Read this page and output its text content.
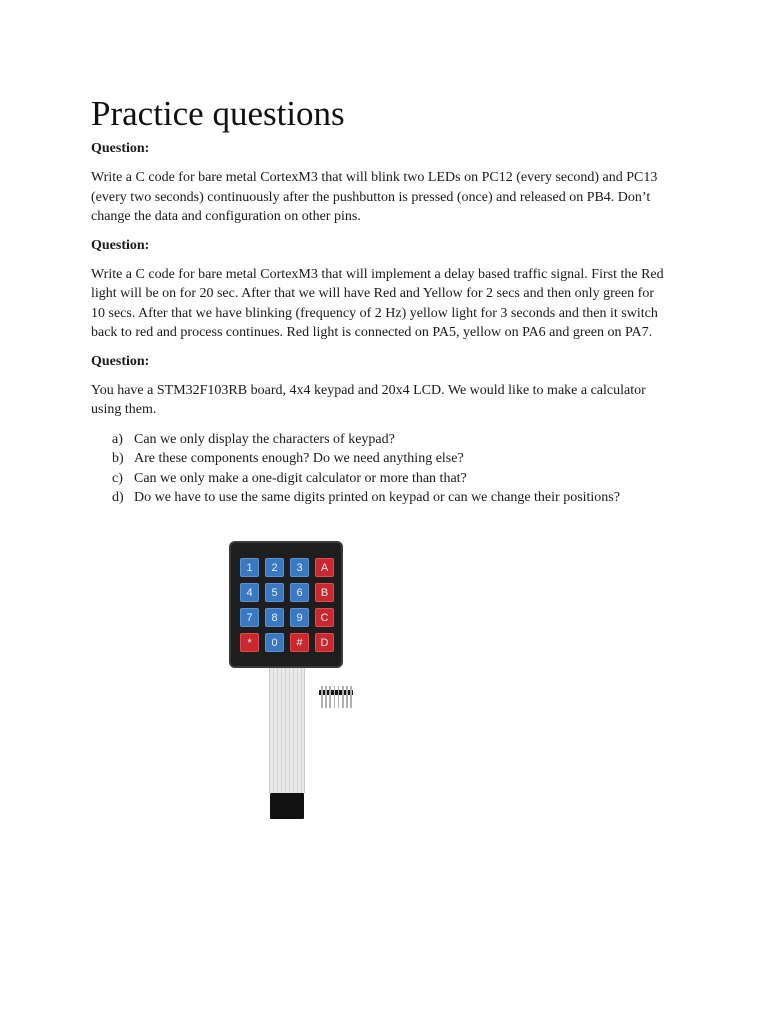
Practice questions
Question:

Write a C code for bare metal CortexM3 that will blink two LEDs on PC12 (every second) and PC13 (every two seconds) continuously after the pushbutton is pressed (once) and released on PB4. Don’t change the data and configuration on other pins.

Question:

Write a C code for bare metal CortexM3 that will implement a delay based traffic signal. First the Red light will be on for 20 sec. After that we will have Red and Yellow for 2 secs and then only green for 10 secs. After that we have blinking (frequency of 2 Hz) yellow light for 3 seconds and then it switch back to red and process continues. Red light is connected on PA5, yellow on PA6 and green on PA7.

Question:

You have a STM32F103RB board, 4x4 keypad and 20x4 LCD. We would like to make a calculator using them.

a) Can we only display the characters of keypad?
b) Are these components enough? Do we need anything else?
c) Can we only make a one-digit calculator or more than that?
d) Do we have to use the same digits printed on keypad or can we change their positions?
1	2	3	A
4	5	6	B
7	8	9	C
*	0	#	D
